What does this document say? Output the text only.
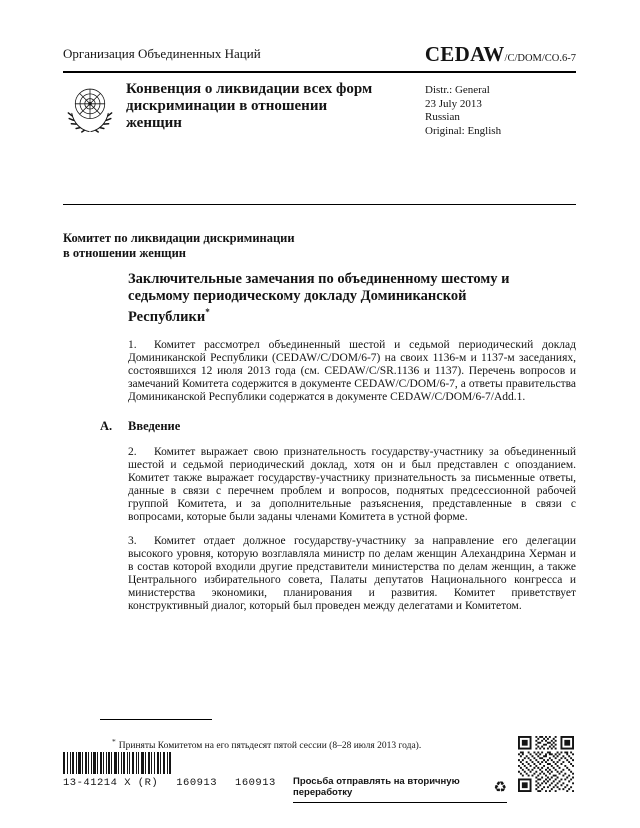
Организация Объединенных Наций	CEDAW/C/DOM/CO.6-7
Конвенция о ликвидации всех форм дискриминации в отношении женщин
Distr.: General
23 July 2013
Russian
Original: English
Комитет по ликвидации дискриминации
в отношении женщин
Заключительные замечания по объединенному шестому и седьмому периодическому докладу Доминиканской Республики*

1. Комитет рассмотрел объединенный шестой и седьмой периодический доклад Доминиканской Республики (CEDAW/C/DOM/6-7) на своих 1136-м и 1137-м заседаниях, состоявшихся 12 июля 2013 года (см. CEDAW/C/SR.1136 и 1137). Перечень вопросов и замечаний Комитета содержится в документе CEDAW/C/DOM/6-7, а ответы правительства Доминиканской Республики содержатся в документе CEDAW/C/DOM/6-7/Add.1.

A.	Введение

2. Комитет выражает свою признательность государству-участнику за объединенный шестой и седьмой периодический доклад, хотя он и был представлен с опозданием. Комитет также выражает государству-участнику признательность за письменные ответы, данные в связи с перечнем проблем и вопросов, поднятых предсессионной рабочей группой Комитета, и за дополнительные разъяснения, представленные в связи с вопросами, которые были заданы членами Комитета в устной форме.

3. Комитет отдает должное государству-участнику за направление его делегации высокого уровня, которую возглавляла министр по делам женщин Алехандрина Херман и в состав которой входили другие представители министерства по делам женщин, а также Центрального избирательного совета, Палаты депутатов Национального конгресса и министерства экономики, планирования и развития. Комитет приветствует конструктивный диалог, который был проведен между делегатами и Комитетом.

* Приняты Комитетом на его пятьдесят пятой сессии (8–28 июля 2013 года).
13-41214 X (R) 160913 160913	Просьба отправлять на вторичную переработку	♻
